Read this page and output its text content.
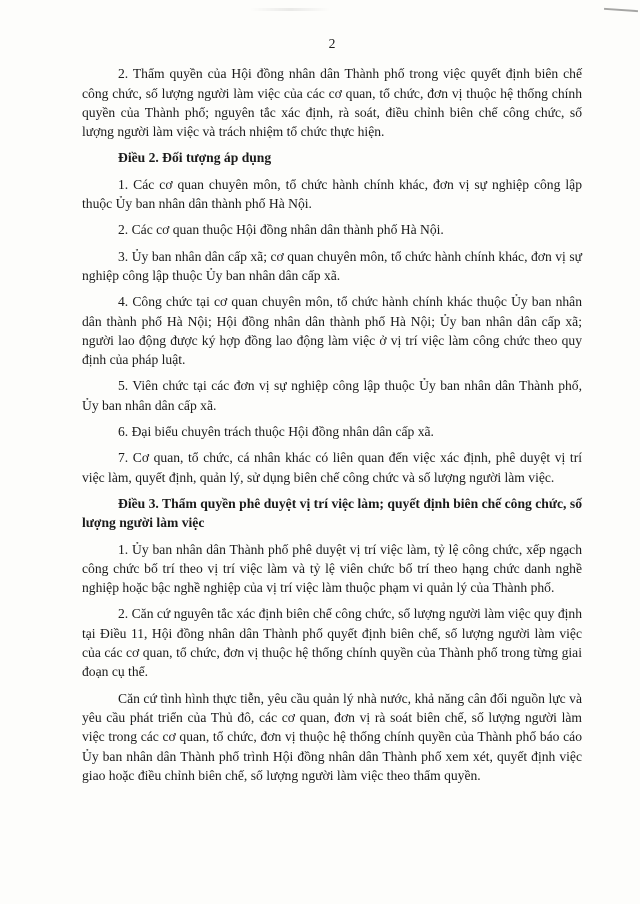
2

2. Thẩm quyền của Hội đồng nhân dân Thành phố trong việc quyết định biên chế công chức, số lượng người làm việc của các cơ quan, tổ chức, đơn vị thuộc hệ thống chính quyền của Thành phố; nguyên tắc xác định, rà soát, điều chỉnh biên chế công chức, số lượng người làm việc và trách nhiệm tổ chức thực hiện.

Điều 2. Đối tượng áp dụng

1. Các cơ quan chuyên môn, tổ chức hành chính khác, đơn vị sự nghiệp công lập thuộc Ủy ban nhân dân thành phố Hà Nội.

2. Các cơ quan thuộc Hội đồng nhân dân thành phố Hà Nội.

3. Ủy ban nhân dân cấp xã; cơ quan chuyên môn, tổ chức hành chính khác, đơn vị sự nghiệp công lập thuộc Ủy ban nhân dân cấp xã.

4. Công chức tại cơ quan chuyên môn, tổ chức hành chính khác thuộc Ủy ban nhân dân thành phố Hà Nội; Hội đồng nhân dân thành phố Hà Nội; Ủy ban nhân dân cấp xã; người lao động được ký hợp đồng lao động làm việc ở vị trí việc làm công chức theo quy định của pháp luật.

5. Viên chức tại các đơn vị sự nghiệp công lập thuộc Ủy ban nhân dân Thành phố, Ủy ban nhân dân cấp xã.

6. Đại biểu chuyên trách thuộc Hội đồng nhân dân cấp xã.

7. Cơ quan, tổ chức, cá nhân khác có liên quan đến việc xác định, phê duyệt vị trí việc làm, quyết định, quản lý, sử dụng biên chế công chức và số lượng người làm việc.

Điều 3. Thẩm quyền phê duyệt vị trí việc làm; quyết định biên chế công chức, số lượng người làm việc

1. Ủy ban nhân dân Thành phố phê duyệt vị trí việc làm, tỷ lệ công chức, xếp ngạch công chức bố trí theo vị trí việc làm và tỷ lệ viên chức bố trí theo hạng chức danh nghề nghiệp hoặc bậc nghề nghiệp của vị trí việc làm thuộc phạm vi quản lý của Thành phố.

2. Căn cứ nguyên tắc xác định biên chế công chức, số lượng người làm việc quy định tại Điều 11, Hội đồng nhân dân Thành phố quyết định biên chế, số lượng người làm việc của các cơ quan, tổ chức, đơn vị thuộc hệ thống chính quyền của Thành phố trong từng giai đoạn cụ thể.

Căn cứ tình hình thực tiễn, yêu cầu quản lý nhà nước, khả năng cân đối nguồn lực và yêu cầu phát triển của Thủ đô, các cơ quan, đơn vị rà soát biên chế, số lượng người làm việc trong các cơ quan, tổ chức, đơn vị thuộc hệ thống chính quyền của Thành phố báo cáo Ủy ban nhân dân Thành phố trình Hội đồng nhân dân Thành phố xem xét, quyết định việc giao hoặc điều chỉnh biên chế, số lượng người làm việc theo thẩm quyền.
